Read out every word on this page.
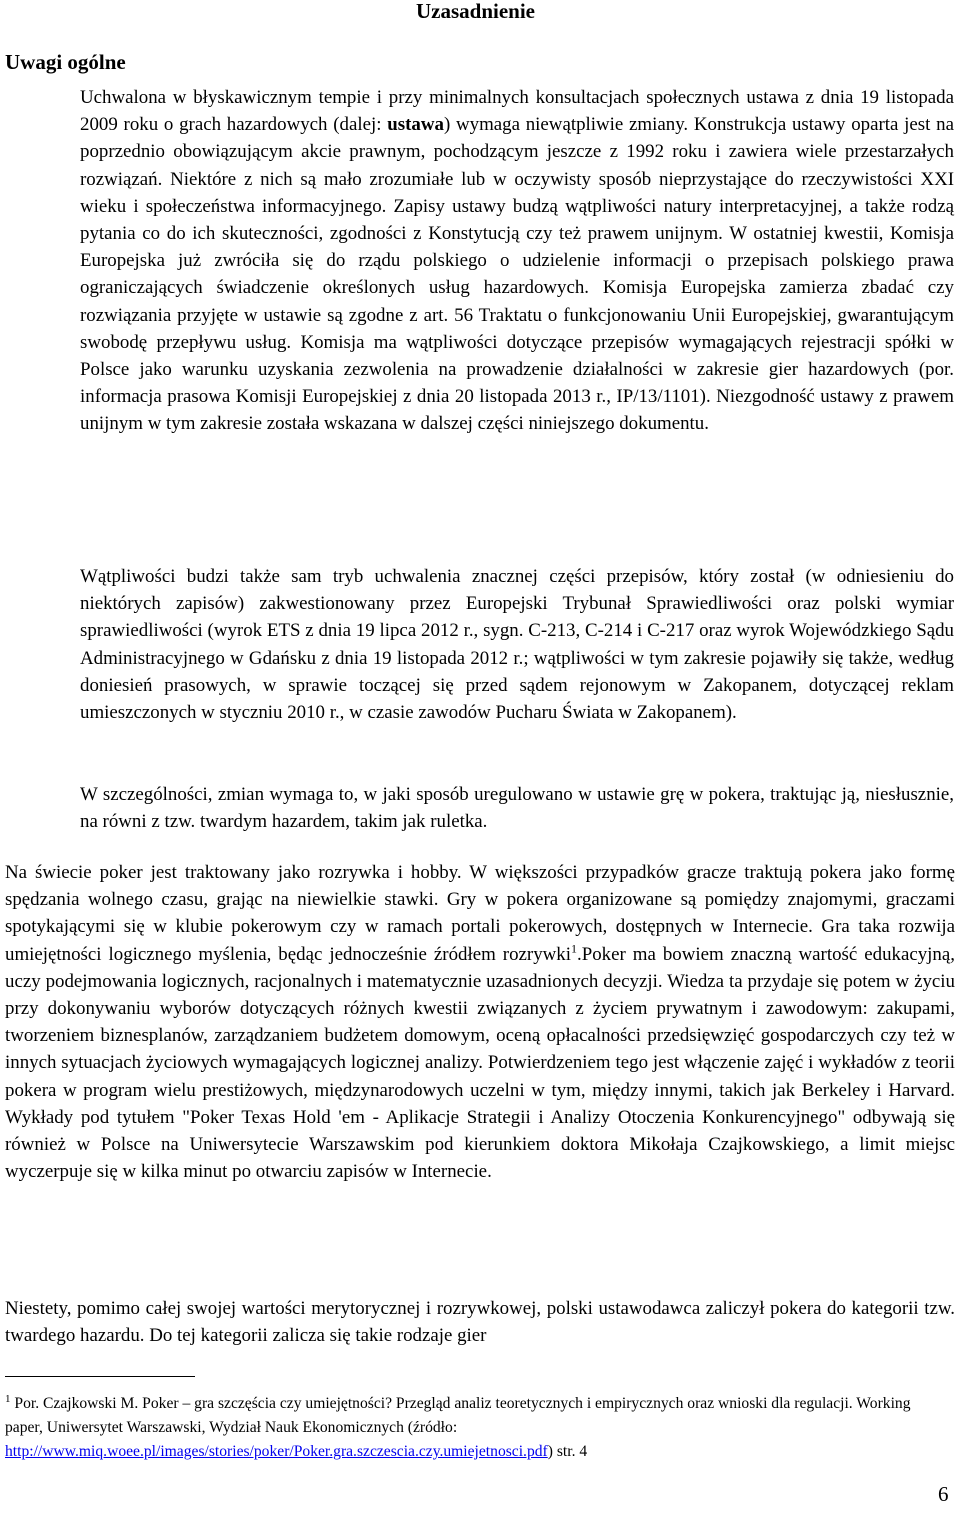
Uzasadnienie
Uwagi ogólne

Uchwalona w błyskawicznym tempie i przy minimalnych konsultacjach społecznych ustawa z dnia 19 listopada 2009 roku o grach hazardowych (dalej: ustawa) wymaga niewątpliwie zmiany. Konstrukcja ustawy oparta jest na poprzednio obowiązującym akcie prawnym, pochodzącym jeszcze z 1992 roku i zawiera wiele przestarzałych rozwiązań. Niektóre z nich są mało zrozumiałe lub w oczywisty sposób nieprzystające do rzeczywistości XXI wieku i społeczeństwa informacyjnego. Zapisy ustawy budzą wątpliwości natury interpretacyjnej, a także rodzą pytania co do ich skuteczności, zgodności z Konstytucją czy też prawem unijnym. W ostatniej kwestii, Komisja Europejska już zwróciła się do rządu polskiego o udzielenie informacji o przepisach polskiego prawa ograniczających świadczenie określonych usług hazardowych. Komisja Europejska zamierza zbadać czy rozwiązania przyjęte w ustawie są zgodne z art. 56 Traktatu o funkcjonowaniu Unii Europejskiej, gwarantującym swobodę przepływu usług. Komisja ma wątpliwości dotyczące przepisów wymagających rejestracji spółki w Polsce jako warunku uzyskania zezwolenia na prowadzenie działalności w zakresie gier hazardowych (por. informacja prasowa Komisji Europejskiej z dnia 20 listopada 2013 r., IP/13/1101). Niezgodność ustawy z prawem unijnym w tym zakresie została wskazana w dalszej części niniejszego dokumentu.

Wątpliwości budzi także sam tryb uchwalenia znacznej części przepisów, który został (w odniesieniu do niektórych zapisów) zakwestionowany przez Europejski Trybunał Sprawiedliwości oraz polski wymiar sprawiedliwości (wyrok ETS z dnia 19 lipca 2012 r., sygn. C-213, C-214 i C-217 oraz wyrok Wojewódzkiego Sądu Administracyjnego w Gdańsku z dnia 19 listopada 2012 r.; wątpliwości w tym zakresie pojawiły się także, według doniesień prasowych, w sprawie toczącej się przed sądem rejonowym w Zakopanem, dotyczącej reklam umieszczonych w styczniu 2010 r., w czasie zawodów Pucharu Świata w Zakopanem).

W szczególności, zmian wymaga to, w jaki sposób uregulowano w ustawie grę w pokera, traktując ją, niesłusznie, na równi z tzw. twardym hazardem, takim jak ruletka.

Na świecie poker jest traktowany jako rozrywka i hobby. W większości przypadków gracze traktują pokera jako formę spędzania wolnego czasu, grając na niewielkie stawki. Gry w pokera organizowane są pomiędzy znajomymi, graczami spotykającymi się w klubie pokerowym czy w ramach portali pokerowych, dostępnych w Internecie. Gra taka rozwija umiejętności logicznego myślenia, będąc jednocześnie źródłem rozrywki$^1$.Poker ma bowiem znaczną wartość edukacyjną, uczy podejmowania logicznych, racjonalnych i matematycznie uzasadnionych decyzji. Wiedza ta przydaje się potem w życiu przy dokonywaniu wyborów dotyczących różnych kwestii związanych z życiem prywatnym i zawodowym: zakupami, tworzeniem biznesplanów, zarządzaniem budżetem domowym, oceną opłacalności przedsięwzięć gospodarczych czy też w innych sytuacjach życiowych wymagających logicznej analizy. Potwierdzeniem tego jest włączenie zajęć i wykładów z teorii pokera w program wielu prestiżowych, międzynarodowych uczelni w tym, między innymi, takich jak Berkeley i Harvard. Wykłady pod tytułem "Poker Texas Hold 'em - Aplikacje Strategii i Analizy Otoczenia Konkurencyjnego" odbywają się również w Polsce na Uniwersytecie Warszawskim pod kierunkiem doktora Mikołaja Czajkowskiego, a limit miejsc wyczerpuje się w kilka minut po otwarciu zapisów w Internecie.

Niestety, pomimo całej swojej wartości merytorycznej i rozrywkowej, polski ustawodawca zaliczył pokera do kategorii tzw. twardego hazardu. Do tej kategorii zalicza się takie rodzaje gier

$^1$ Por. Czajkowski M. Poker – gra szczęścia czy umiejętności? Przegląd analiz teoretycznych i empirycznych oraz wnioski dla regulacji. Working paper, Uniwersytet Warszawski, Wydział Nauk Ekonomicznych (źródło: http://www.miq.woee.pl/images/stories/poker/Poker.gra.szczescia.czy.umiejetnosci.pdf) str. 4

6
